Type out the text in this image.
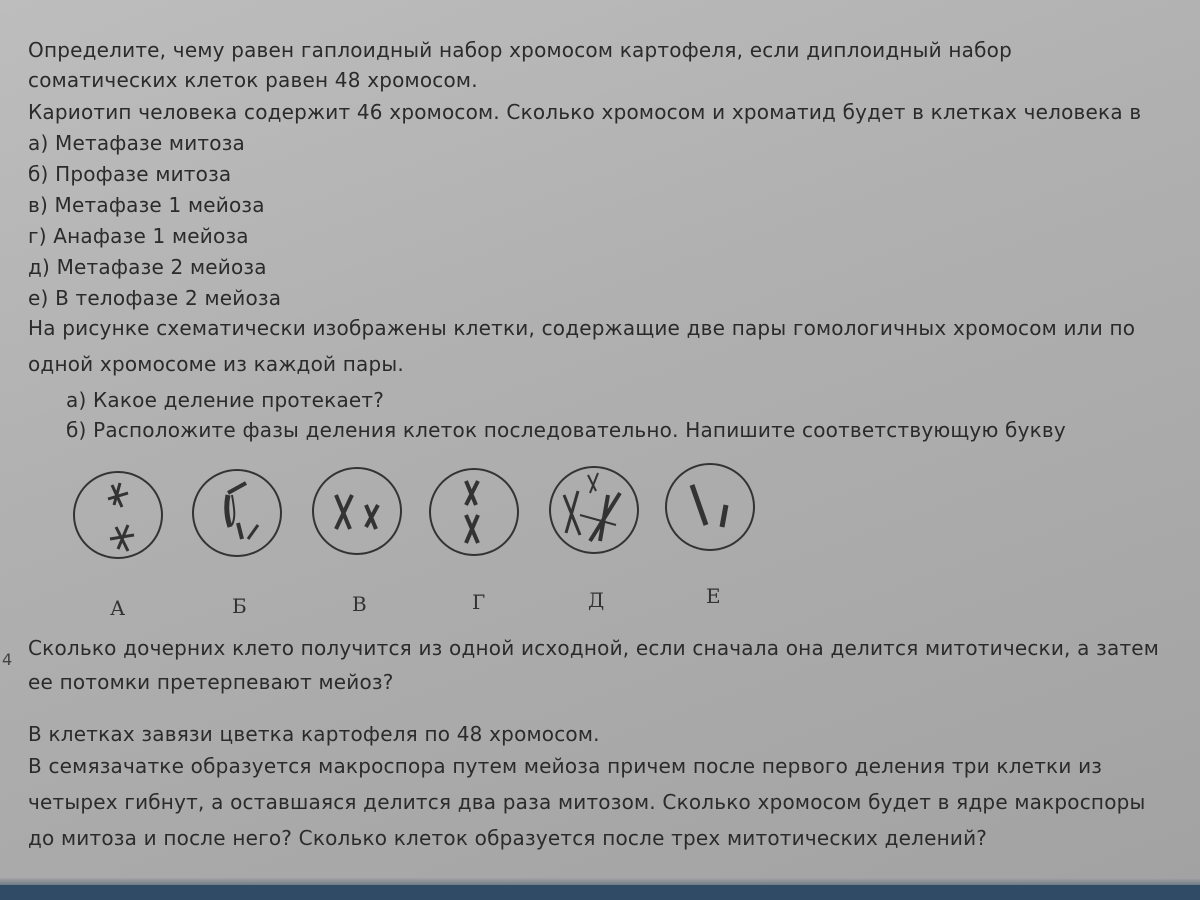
Определите, че​му равен гаплоидный набор хромосом картофеля, если диплоидный набор
соматических клеток равен 48 хромосом.
Кариотип человека содержит 46 хромосом. Сколько хромосом и хроматид будет в клетках человека в
а) Метафазе митоза
б) Профазе митоза
в) Метафазе 1 мейоза
г) Анафазе 1 мейоза
д) Метафазе 2 мейоза
е) В телофазе 2 мейоза
На рисунке схематически изображены клетки, содержащие две пары гомологичных хромосом или по
одной хромосоме из каждой пары.
а) Какое деление протекает?
б) Расположите фазы деления клеток последовательно. Напишите соответствующую букву
А	Б	В	Г	Д	Е
4 Сколько дочерних клето получится из одной исходной, если сначала она делится митотически, а затем
ее потомки претерпевают мейоз?
В клетках завязи цветка картофеля по 48 хромосом.
В семязачатке образуется макроспора путем мейоза причем после первого деления три клетки из
четырех гибнут, а оставшаяся делится два раза митозом. Сколько хромосом будет в ядре макроспоры
до митоза и после него? Сколько клеток образуется после трех митотических делений?
